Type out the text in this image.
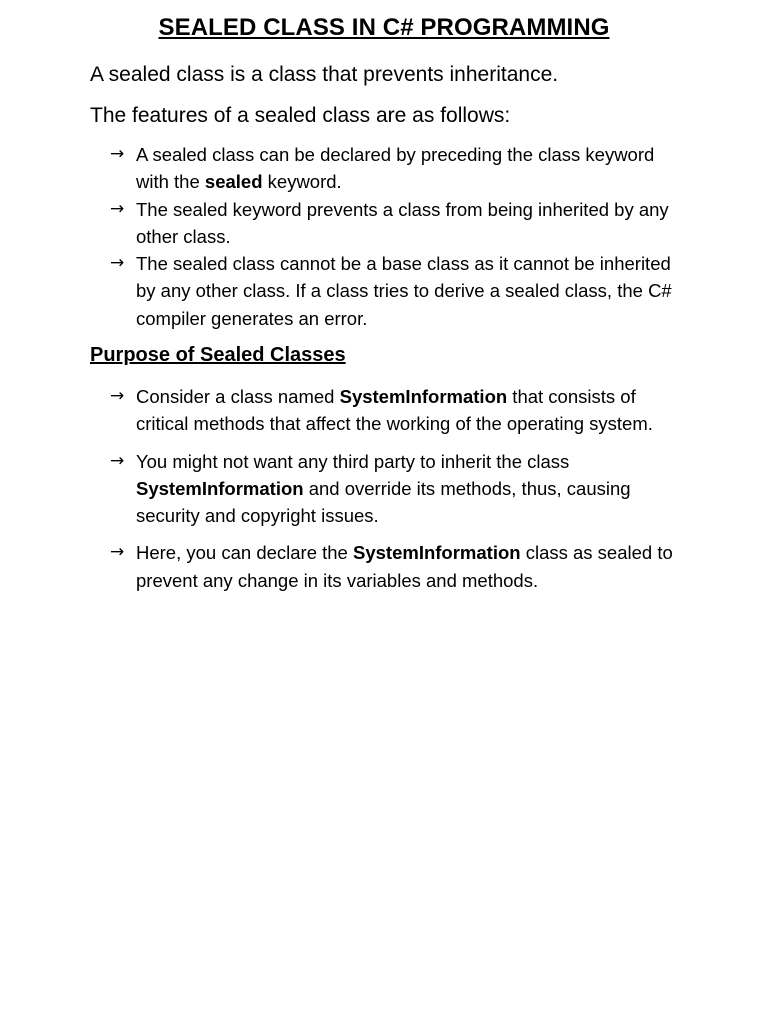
SEALED CLASS IN C# PROGRAMMING
A sealed class is a class that prevents inheritance.
The features of a sealed class are as follows:
→ A sealed class can be declared by preceding the class keyword with the sealed keyword.
→ The sealed keyword prevents a class from being inherited by any other class.
→ The sealed class cannot be a base class as it cannot be inherited by any other class. If a class tries to derive a sealed class, the C# compiler generates an error.
Purpose of Sealed Classes
→ Consider a class named SystemInformation that consists of critical methods that affect the working of the operating system.
→ You might not want any third party to inherit the class SystemInformation and override its methods, thus, causing security and copyright issues.
→ Here, you can declare the SystemInformation class as sealed to prevent any change in its variables and methods.
